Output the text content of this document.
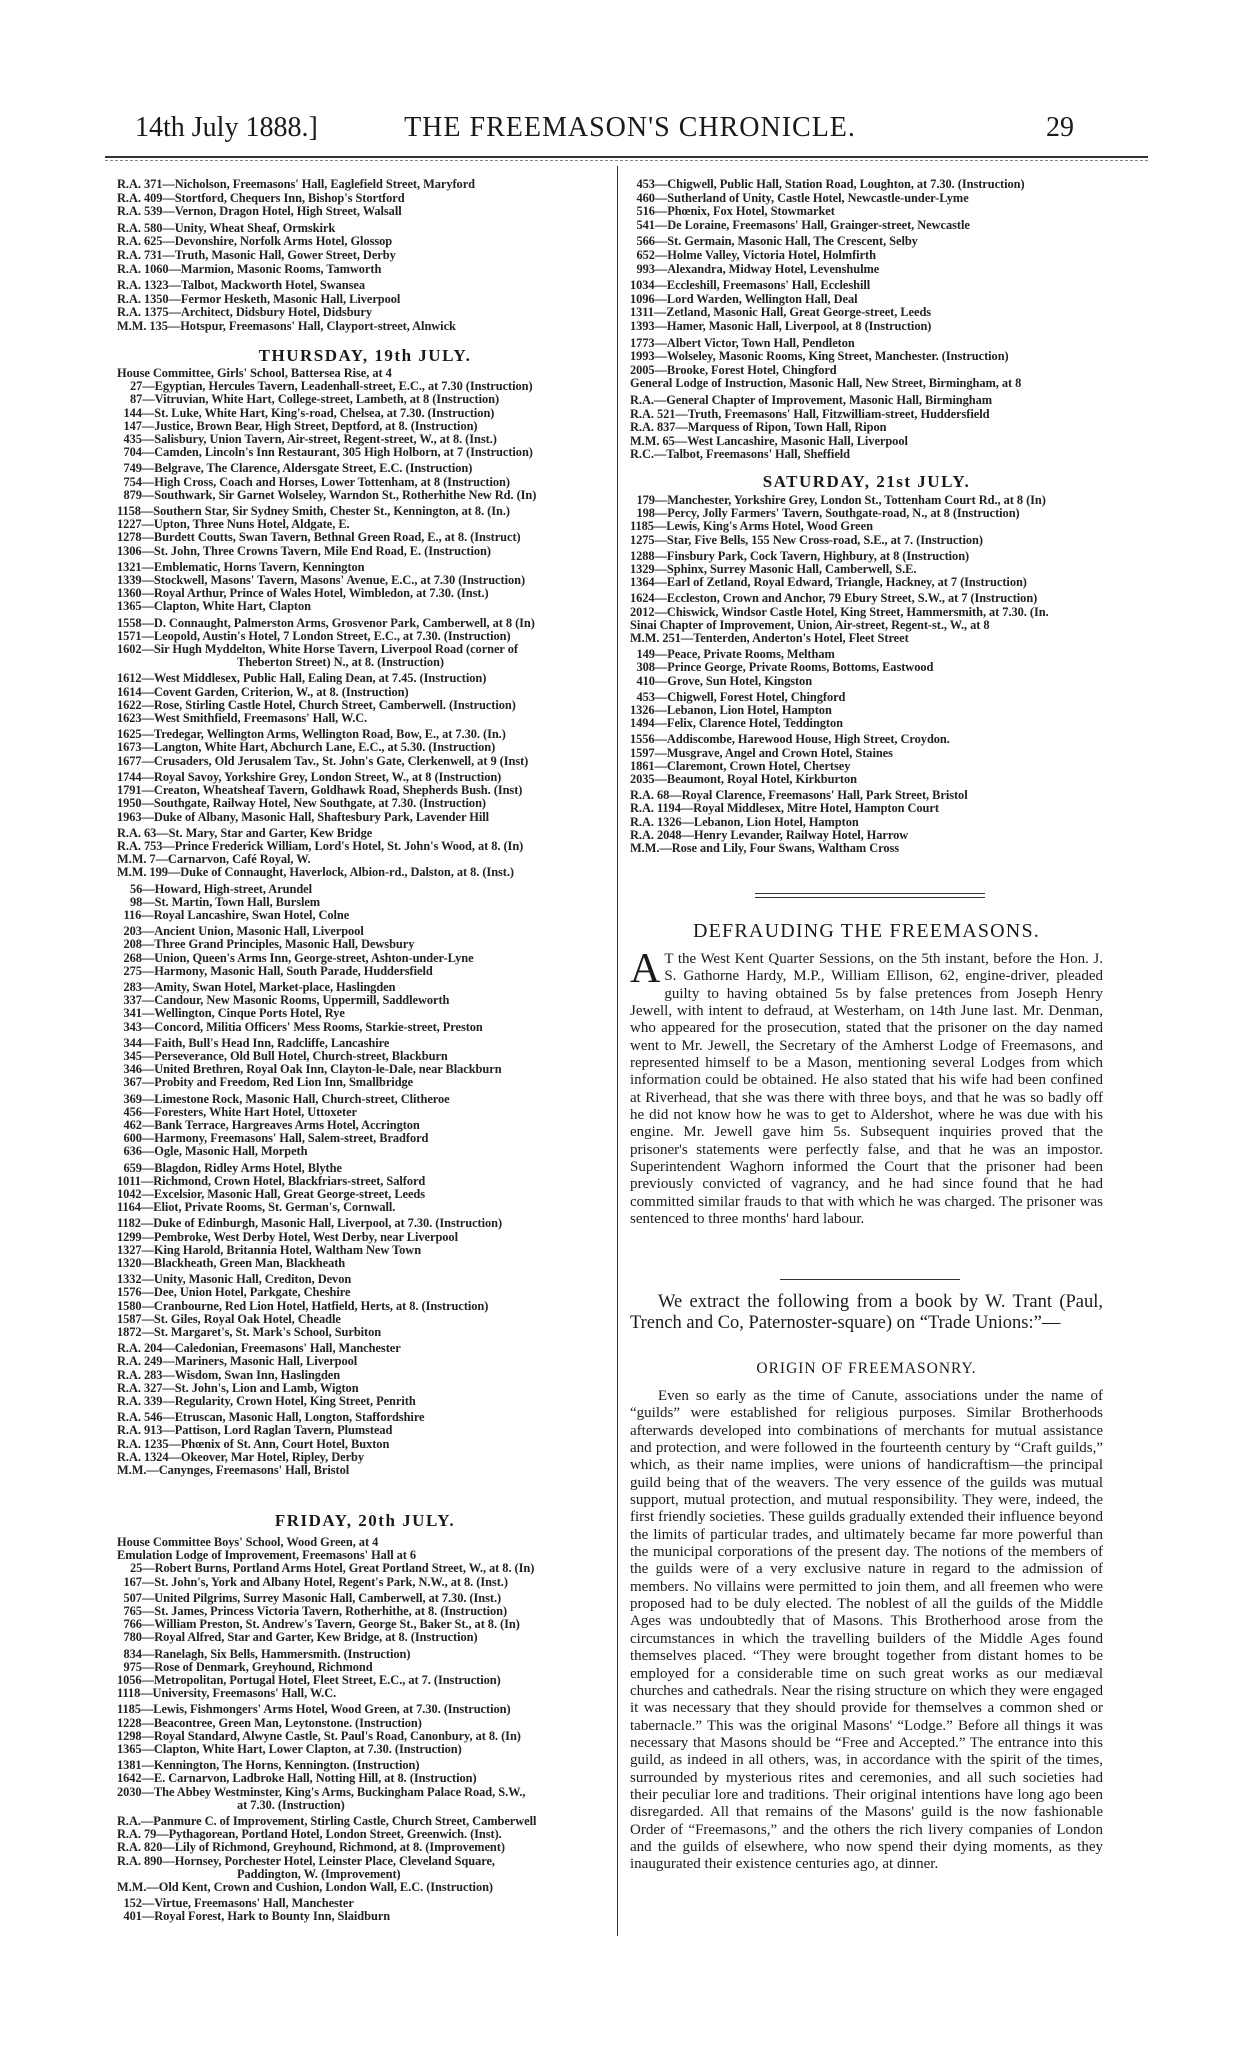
THE FREEMASON'S CHRONICLE.
14th July 1888.]	29
R.A. 371—Nicholson, Freemasons' Hall, Eaglefield Street, Maryford
R.A. 409—Stortford, Chequers Inn, Bishop's Stortford
R.A. 539—Vernon, Dragon Hotel, High Street, Walsall
R.A. 580—Unity, Wheat Sheaf, Ormskirk
R.A. 625—Devonshire, Norfolk Arms Hotel, Glossop
R.A. 731—Truth, Masonic Hall, Gower Street, Derby
R.A. 1060—Marmion, Masonic Rooms, Tamworth
R.A. 1323—Talbot, Mackworth Hotel, Swansea
R.A. 1350—Fermor Hesketh, Masonic Hall, Liverpool
R.A. 1375—Architect, Didsbury Hotel, Didsbury
M.M. 135—Hotspur, Freemasons' Hall, Clayport-street, Alnwick
THURSDAY, 19th JULY.
House Committee, Girls' School, Battersea Rise, at 4
27—Egyptian, Hercules Tavern, Leadenhall-street, E.C., at 7.30 (Instruction)
87—Vitruvian, White Hart, College-street, Lambeth, at 8 (Instruction)
144—St. Luke, White Hart, King's-road, Chelsea, at 7.30. (Instruction)
147—Justice, Brown Bear, High Street, Deptford, at 8. (Instruction)
435—Salisbury, Union Tavern, Air-street, Regent-street, W., at 8. (Inst.)
704—Camden, Lincoln's Inn Restaurant, 305 High Holborn, at 7 (Instruction)
749—Belgrave, The Clarence, Aldersgate Street, E.C. (Instruction)
754—High Cross, Coach and Horses, Lower Tottenham, at 8 (Instruction)
879—Southwark, Sir Garnet Wolseley, Warndon St., Rotherhithe New Rd. (In)
1158—Southern Star, Sir Sydney Smith, Chester St., Kennington, at 8. (In.)
1227—Upton, Three Nuns Hotel, Aldgate, E.
1278—Burdett Coutts, Swan Tavern, Bethnal Green Road, E., at 8. (Instruct)
1306—St. John, Three Crowns Tavern, Mile End Road, E. (Instruction)
1321—Emblematic, Horns Tavern, Kennington
1339—Stockwell, Masons' Tavern, Masons' Avenue, E.C., at 7.30 (Instruction)
1360—Royal Arthur, Prince of Wales Hotel, Wimbledon, at 7.30. (Inst.)
1365—Clapton, White Hart, Clapton
1558—D. Connaught, Palmerston Arms, Grosvenor Park, Camberwell, at 8 (In)
1571—Leopold, Austin's Hotel, 7 London Street, E.C., at 7.30. (Instruction)
1602—Sir Hugh Myddelton, White Horse Tavern, Liverpool Road (corner of
Theberton Street) N., at 8. (Instruction)
1612—West Middlesex, Public Hall, Ealing Dean, at 7.45. (Instruction)
1614—Covent Garden, Criterion, W., at 8. (Instruction)
1622—Rose, Stirling Castle Hotel, Church Street, Camberwell. (Instruction)
1623—West Smithfield, Freemasons' Hall, W.C.
1625—Tredegar, Wellington Arms, Wellington Road, Bow, E., at 7.30. (In.)
1673—Langton, White Hart, Abchurch Lane, E.C., at 5.30. (Instruction)
1677—Crusaders, Old Jerusalem Tav., St. John's Gate, Clerkenwell, at 9 (Inst)
1744—Royal Savoy, Yorkshire Grey, London Street, W., at 8 (Instruction)
1791—Creaton, Wheatsheaf Tavern, Goldhawk Road, Shepherds Bush. (Inst)
1950—Southgate, Railway Hotel, New Southgate, at 7.30. (Instruction)
1963—Duke of Albany, Masonic Hall, Shaftesbury Park, Lavender Hill
R.A. 63—St. Mary, Star and Garter, Kew Bridge
R.A. 753—Prince Frederick William, Lord's Hotel, St. John's Wood, at 8. (In)
M.M. 7—Carnarvon, Café Royal, W.
M.M. 199—Duke of Connaught, Haverlock, Albion-rd., Dalston, at 8. (Inst.)
56—Howard, High-street, Arundel
98—St. Martin, Town Hall, Burslem
116—Royal Lancashire, Swan Hotel, Colne
203—Ancient Union, Masonic Hall, Liverpool
208—Three Grand Principles, Masonic Hall, Dewsbury
268—Union, Queen's Arms Inn, George-street, Ashton-under-Lyne
275—Harmony, Masonic Hall, South Parade, Huddersfield
283—Amity, Swan Hotel, Market-place, Haslingden
337—Candour, New Masonic Rooms, Uppermill, Saddleworth
341—Wellington, Cinque Ports Hotel, Rye
343—Concord, Militia Officers' Mess Rooms, Starkie-street, Preston
344—Faith, Bull's Head Inn, Radcliffe, Lancashire
345—Perseverance, Old Bull Hotel, Church-street, Blackburn
346—United Brethren, Royal Oak Inn, Clayton-le-Dale, near Blackburn
367—Probity and Freedom, Red Lion Inn, Smallbridge
369—Limestone Rock, Masonic Hall, Church-street, Clitheroe
456—Foresters, White Hart Hotel, Uttoxeter
462—Bank Terrace, Hargreaves Arms Hotel, Accrington
600—Harmony, Freemasons' Hall, Salem-street, Bradford
636—Ogle, Masonic Hall, Morpeth
659—Blagdon, Ridley Arms Hotel, Blythe
1011—Richmond, Crown Hotel, Blackfriars-street, Salford
1042—Excelsior, Masonic Hall, Great George-street, Leeds
1164—Eliot, Private Rooms, St. German's, Cornwall.
1182—Duke of Edinburgh, Masonic Hall, Liverpool, at 7.30. (Instruction)
1299—Pembroke, West Derby Hotel, West Derby, near Liverpool
1327—King Harold, Britannia Hotel, Waltham New Town
1320—Blackheath, Green Man, Blackheath
1332—Unity, Masonic Hall, Crediton, Devon
1576—Dee, Union Hotel, Parkgate, Cheshire
1580—Cranbourne, Red Lion Hotel, Hatfield, Herts, at 8. (Instruction)
1587—St. Giles, Royal Oak Hotel, Cheadle
1872—St. Margaret's, St. Mark's School, Surbiton
R.A. 204—Caledonian, Freemasons' Hall, Manchester
R.A. 249—Mariners, Masonic Hall, Liverpool
R.A. 283—Wisdom, Swan Inn, Haslingden
R.A. 327—St. John's, Lion and Lamb, Wigton
R.A. 339—Regularity, Crown Hotel, King Street, Penrith
R.A. 546—Etruscan, Masonic Hall, Longton, Staffordshire
R.A. 913—Pattison, Lord Raglan Tavern, Plumstead
R.A. 1235—Phœnix of St. Ann, Court Hotel, Buxton
R.A. 1324—Okeover, Mar Hotel, Ripley, Derby
M.M.—Canynges, Freemasons' Hall, Bristol
FRIDAY, 20th JULY.
House Committee Boys' School, Wood Green, at 4
Emulation Lodge of Improvement, Freemasons' Hall at 6
25—Robert Burns, Portland Arms Hotel, Great Portland Street, W., at 8. (In)
167—St. John's, York and Albany Hotel, Regent's Park, N.W., at 8. (Inst.)
507—United Pilgrims, Surrey Masonic Hall, Camberwell, at 7.30. (Inst.)
765—St. James, Princess Victoria Tavern, Rotherhithe, at 8. (Instruction)
766—William Preston, St. Andrew's Tavern, George St., Baker St., at 8. (In)
780—Royal Alfred, Star and Garter, Kew Bridge, at 8. (Instruction)
834—Ranelagh, Six Bells, Hammersmith. (Instruction)
975—Rose of Denmark, Greyhound, Richmond
1056—Metropolitan, Portugal Hotel, Fleet Street, E.C., at 7. (Instruction)
1118—University, Freemasons' Hall, W.C.
1185—Lewis, Fishmongers' Arms Hotel, Wood Green, at 7.30. (Instruction)
1228—Beacontree, Green Man, Leytonstone. (Instruction)
1298—Royal Standard, Alwyne Castle, St. Paul's Road, Canonbury, at 8. (In)
1365—Clapton, White Hart, Lower Clapton, at 7.30. (Instruction)
1381—Kennington, The Horns, Kennington. (Instruction)
1642—E. Carnarvon, Ladbroke Hall, Notting Hill, at 8. (Instruction)
2030—The Abbey Westminster, King's Arms, Buckingham Palace Road, S.W.,
at 7.30. (Instruction)
R.A.—Panmure C. of Improvement, Stirling Castle, Church Street, Camberwell
R.A. 79—Pythagorean, Portland Hotel, London Street, Greenwich. (Inst).
R.A. 820—Lily of Richmond, Greyhound, Richmond, at 8. (Improvement)
R.A. 890—Hornsey, Porchester Hotel, Leinster Place, Cleveland Square,
Paddington, W. (Improvement)
M.M.—Old Kent, Crown and Cushion, London Wall, E.C. (Instruction)
152—Virtue, Freemasons' Hall, Manchester
401—Royal Forest, Hark to Bounty Inn, Slaidburn
453—Chigwell, Public Hall, Station Road, Loughton, at 7.30. (Instruction)
460—Sutherland of Unity, Castle Hotel, Newcastle-under-Lyme
516—Phœnix, Fox Hotel, Stowmarket
541—De Loraine, Freemasons' Hall, Grainger-street, Newcastle
566—St. Germain, Masonic Hall, The Crescent, Selby
652—Holme Valley, Victoria Hotel, Holmfirth
993—Alexandra, Midway Hotel, Levenshulme
1034—Eccleshill, Freemasons' Hall, Eccleshill
1096—Lord Warden, Wellington Hall, Deal
1311—Zetland, Masonic Hall, Great George-street, Leeds
1393—Hamer, Masonic Hall, Liverpool, at 8 (Instruction)
1773—Albert Victor, Town Hall, Pendleton
1993—Wolseley, Masonic Rooms, King Street, Manchester. (Instruction)
2005—Brooke, Forest Hotel, Chingford
General Lodge of Instruction, Masonic Hall, New Street, Birmingham, at 8
R.A.—General Chapter of Improvement, Masonic Hall, Birmingham
R.A. 521—Truth, Freemasons' Hall, Fitzwilliam-street, Huddersfield
R.A. 837—Marquess of Ripon, Town Hall, Ripon
M.M. 65—West Lancashire, Masonic Hall, Liverpool
R.C.—Talbot, Freemasons' Hall, Sheffield
SATURDAY, 21st JULY.
179—Manchester, Yorkshire Grey, London St., Tottenham Court Rd., at 8 (In)
198—Percy, Jolly Farmers' Tavern, Southgate-road, N., at 8 (Instruction)
1185—Lewis, King's Arms Hotel, Wood Green
1275—Star, Five Bells, 155 New Cross-road, S.E., at 7. (Instruction)
1288—Finsbury Park, Cock Tavern, Highbury, at 8 (Instruction)
1329—Sphinx, Surrey Masonic Hall, Camberwell, S.E.
1364—Earl of Zetland, Royal Edward, Triangle, Hackney, at 7 (Instruction)
1624—Eccleston, Crown and Anchor, 79 Ebury Street, S.W., at 7 (Instruction)
2012—Chiswick, Windsor Castle Hotel, King Street, Hammersmith, at 7.30. (In.
Sinai Chapter of Improvement, Union, Air-street, Regent-st., W., at 8
M.M. 251—Tenterden, Anderton's Hotel, Fleet Street
149—Peace, Private Rooms, Meltham
308—Prince George, Private Rooms, Bottoms, Eastwood
410—Grove, Sun Hotel, Kingston
453—Chigwell, Forest Hotel, Chingford
1326—Lebanon, Lion Hotel, Hampton
1494—Felix, Clarence Hotel, Teddington
1556—Addiscombe, Harewood House, High Street, Croydon.
1597—Musgrave, Angel and Crown Hotel, Staines
1861—Claremont, Crown Hotel, Chertsey
2035—Beaumont, Royal Hotel, Kirkburton
R.A. 68—Royal Clarence, Freemasons' Hall, Park Street, Bristol
R.A. 1194—Royal Middlesex, Mitre Hotel, Hampton Court
R.A. 1326—Lebanon, Lion Hotel, Hampton
R.A. 2048—Henry Levander, Railway Hotel, Harrow
M.M.—Rose and Lily, Four Swans, Waltham Cross
DEFRAUDING THE FREEMASONS.
A T the West Kent Quarter Sessions, on the 5th instant, before the Hon. J. S. Gathorne Hardy, M.P., William Ellison, 62, engine-driver, pleaded guilty to having obtained 5s by false pretences from Joseph Henry Jewell, with intent to defraud, at Westerham, on 14th June last. Mr. Denman, who appeared for the prosecution, stated that the prisoner on the day named went to Mr. Jewell, the Secretary of the Amherst Lodge of Freemasons, and represented himself to be a Mason, mentioning several Lodges from which information could be obtained. He also stated that his wife had been confined at Riverhead, that she was there with three boys, and that he was so badly off he did not know how he was to get to Aldershot, where he was due with his engine. Mr. Jewell gave him 5s. Subsequent inquiries proved that the prisoner's statements were perfectly false, and that he was an impostor. Superintendent Waghorn informed the Court that the prisoner had been previously convicted of vagrancy, and he had since found that he had committed similar frauds to that with which he was charged. The prisoner was sentenced to three months' hard labour.
We extract the following from a book by W. Trant (Paul, Trench and Co, Paternoster-square) on “Trade Unions:”—
ORIGIN OF FREEMASONRY.
Even so early as the time of Canute, associations under the name of “guilds” were established for religious purposes. Similar Brotherhoods afterwards developed into combinations of merchants for mutual assistance and protection, and were followed in the fourteenth century by “Craft guilds,” which, as their name implies, were unions of handicraftism—the principal guild being that of the weavers. The very essence of the guilds was mutual support, mutual protection, and mutual responsibility. They were, indeed, the first friendly societies. These guilds gradually extended their influence beyond the limits of particular trades, and ultimately became far more powerful than the municipal corporations of the present day. The notions of the members of the guilds were of a very exclusive nature in regard to the admission of members. No villains were permitted to join them, and all freemen who were proposed had to be duly elected. The noblest of all the guilds of the Middle Ages was undoubtedly that of Masons. This Brotherhood arose from the circumstances in which the travelling builders of the Middle Ages found themselves placed. “They were brought together from distant homes to be employed for a considerable time on such great works as our mediæval churches and cathedrals. Near the rising structure on which they were engaged it was necessary that they should provide for themselves a common shed or tabernacle.” This was the original Masons' “Lodge.” Before all things it was necessary that Masons should be “Free and Accepted.” The entrance into this guild, as indeed in all others, was, in accordance with the spirit of the times, surrounded by mysterious rites and ceremonies, and all such societies had their peculiar lore and traditions. Their original intentions have long ago been disregarded. All that remains of the Masons' guild is the now fashionable Order of “Freemasons,” and the others the rich livery companies of London and the guilds of elsewhere, who now spend their dying moments, as they inaugurated their existence centuries ago, at dinner.
